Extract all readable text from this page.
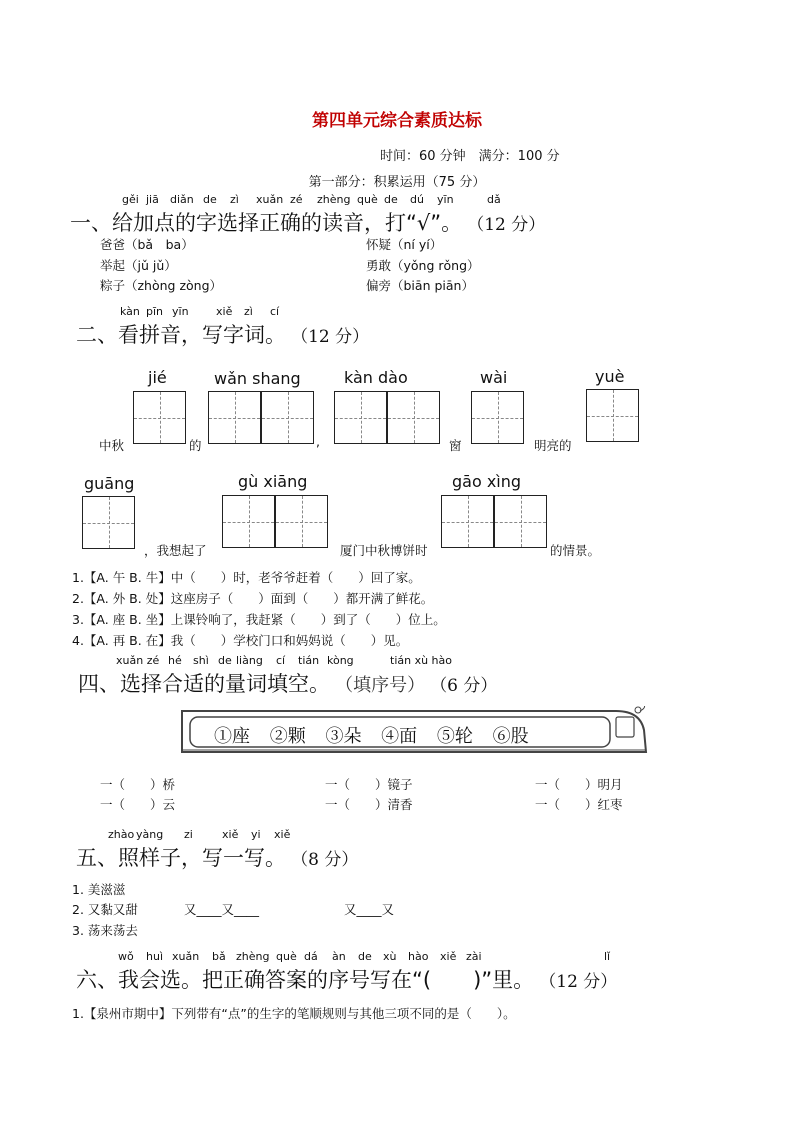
第四单元综合素质达标
时间：60 分钟　满分：100 分
第一部分：积累运用（75 分）
gěi jiā diǎn de zì xuǎn zé zhèng què de dú yīn	dǎ
一、给加点的字选择正确的读音，打“√”。 （12 分）
爸爸（bǎ　ba）	怀疑（ní yí）
举起（jǔ jǔ）	勇敢（yǒng rǒng）
粽子（zhòng zòng）	偏旁（biān piān）
kàn pīn yīn xiě zì cí
二、看拼音，写字词。 （12 分）
jié	wǎn shang	kàn dào	wài	yuè
中秋	的	,	窗	明亮的
guāng	gù xiāng	gāo xìng
，我想起了	厦门中秋博饼时	的情景。
1.【A. 午 B. 牛】中（　　）时，老爷爷赶着（　　）回了家。
2.【A. 外 B. 处】这座房子（　　）面到（　　）都开满了鲜花。
3.【A. 座 B. 坐】上课铃响了，我赶紧（　　）到了（　　）位上。
4.【A. 再 B. 在】我（　　）学校门口和妈妈说（　　）见。
xuǎn zé hé shì de liàng cí tián kòng	tián xù hào
四、选择合适的量词填空。 （填序号） （6 分）
①座 ②颗 ③朵 ④面 ⑤轮 ⑥股
一（　　）桥	一（　　）镜子	一（　　）明月
一（　　）云	一（　　）清香	一（　　）红枣
zhào yàng zi	xiě yi xiě
五、照样子，写一写。 （8 分）
1. 美滋滋
2. 又黏又甜	又____又____	又____又
3. 荡来荡去
wǒ huì xuǎn bǎ zhèng què dá àn de xù hào xiě zài	lǐ
六、我会选。把正确答案的序号写在“(　　)”里。 （12 分）
1.【泉州市期中】下列带有“点”的生字的笔顺规则与其他三项不同的是（　　）。
